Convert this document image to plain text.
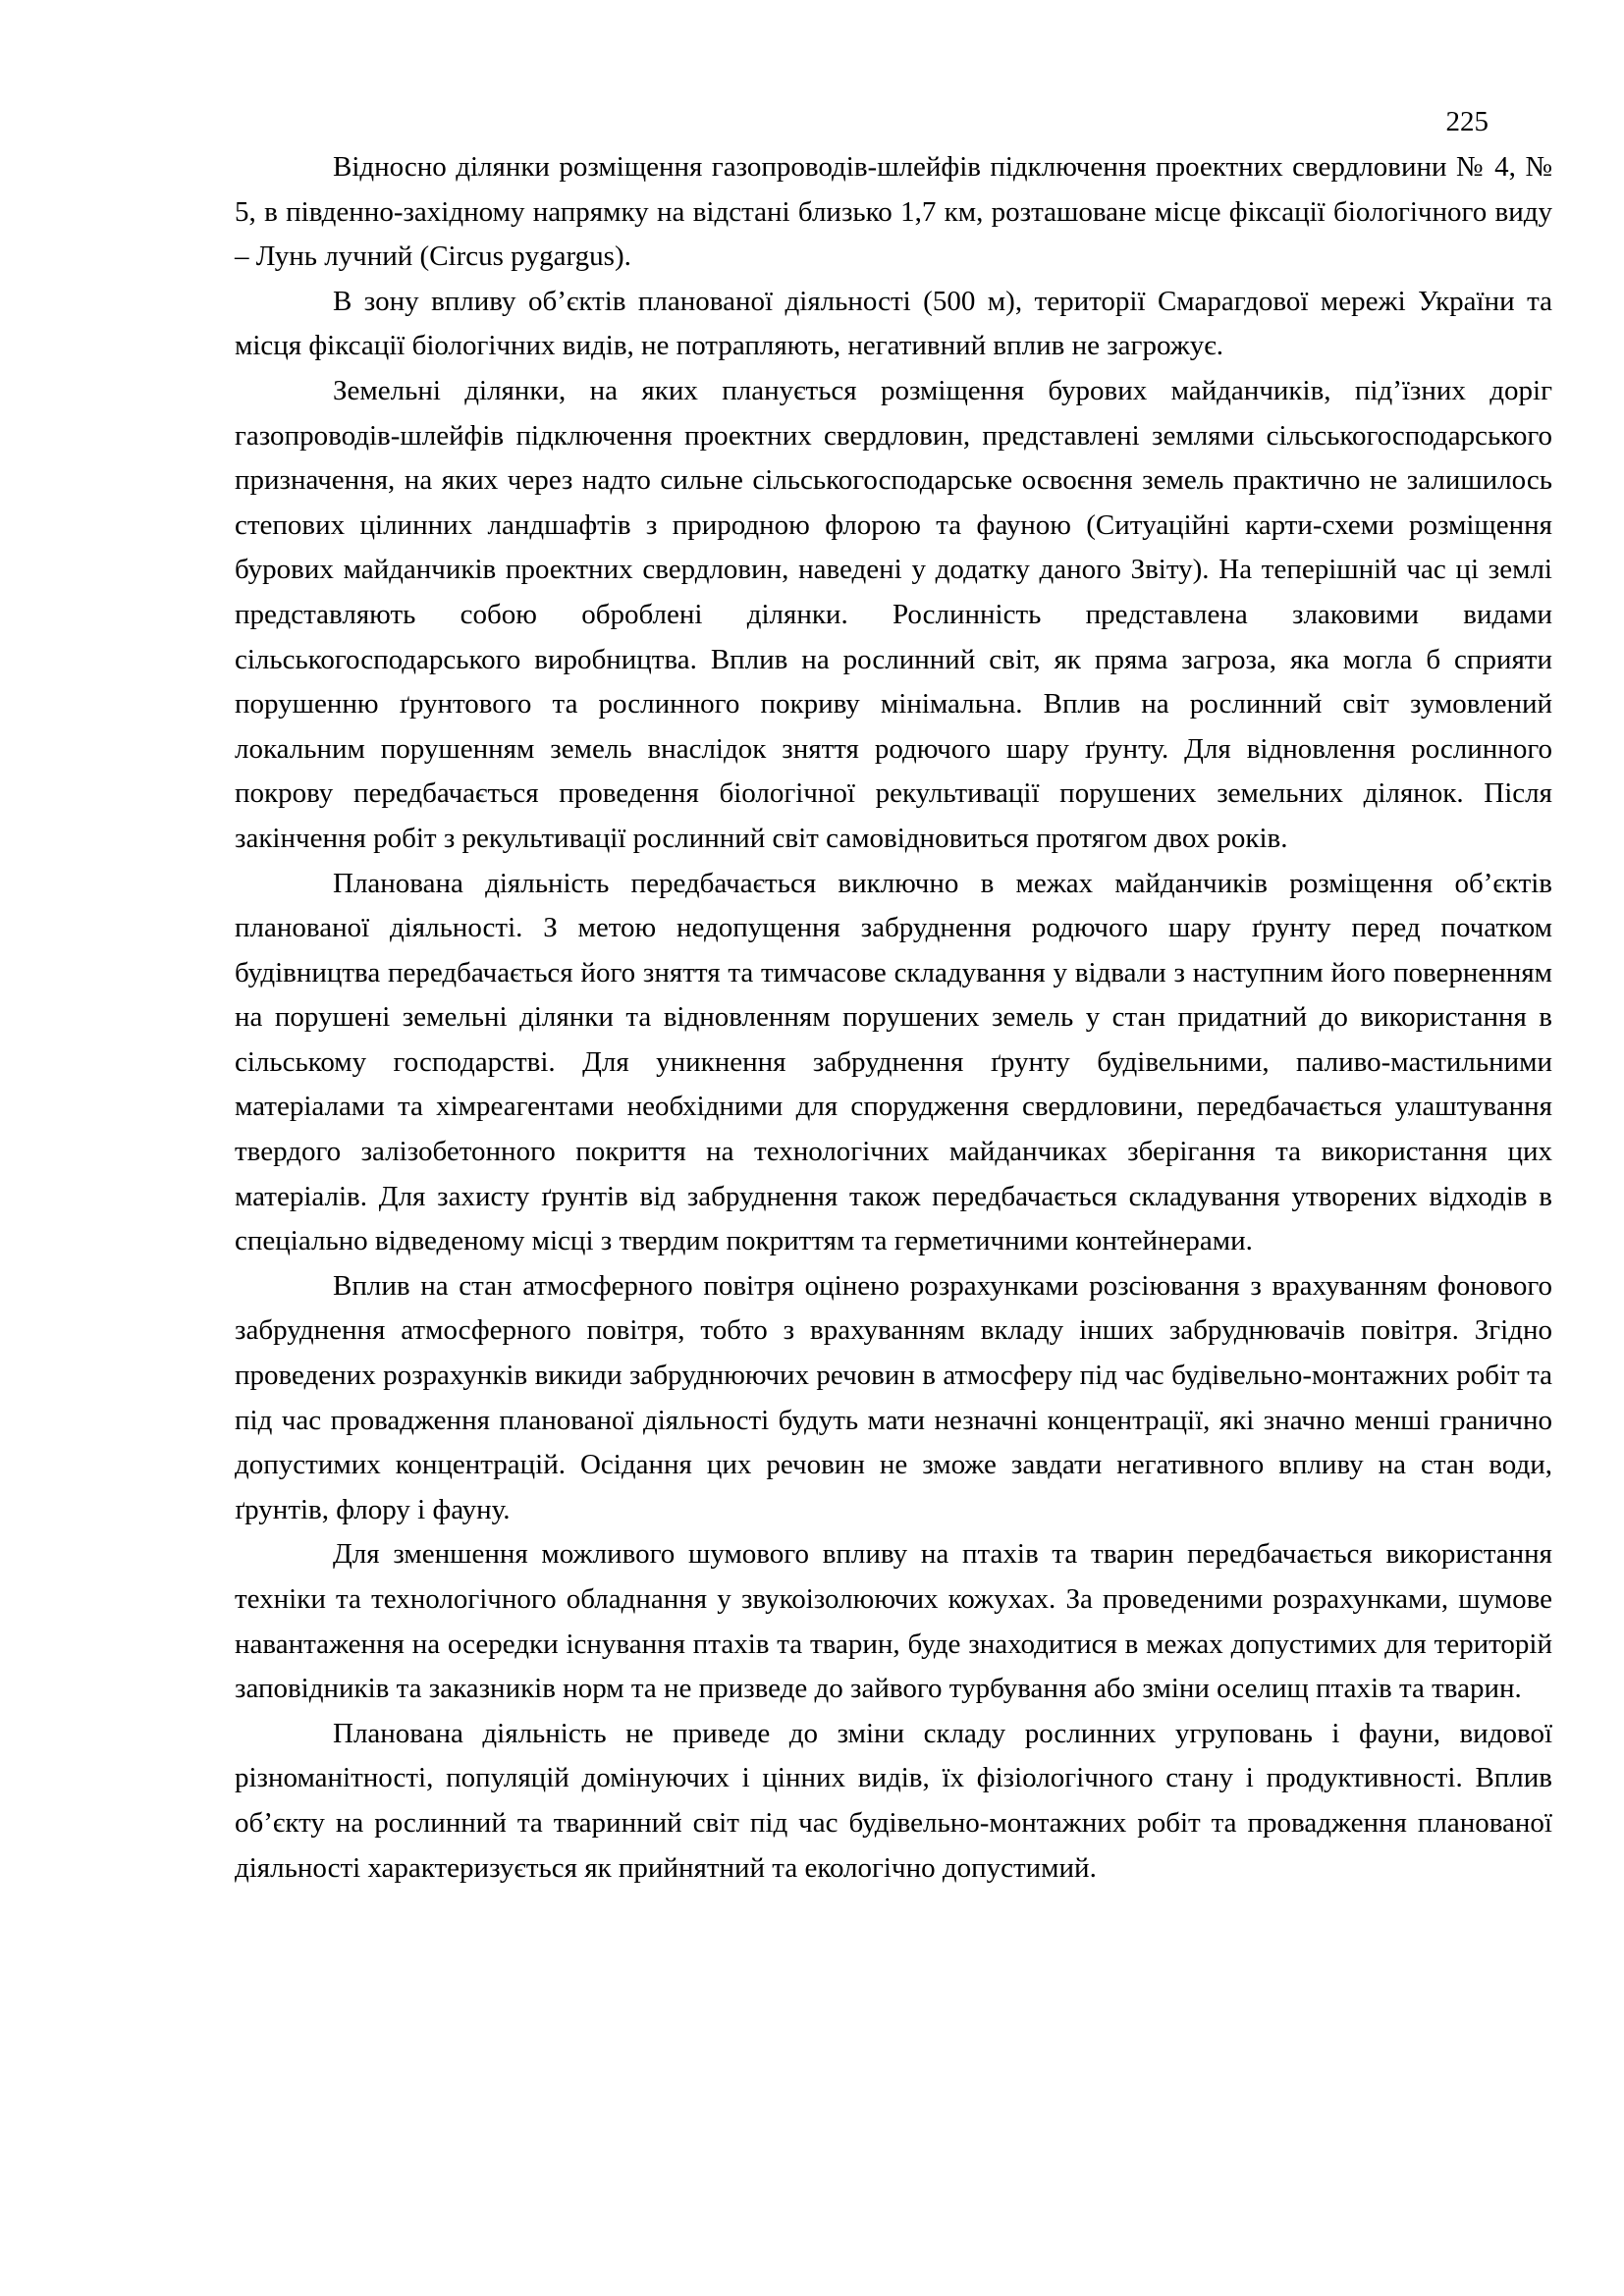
225

Відносно ділянки розміщення газопроводів-шлейфів підключення проектних свердловини № 4, № 5, в південно-західному напрямку на відстані близько 1,7 км, розташоване місце фіксації біологічного виду – Лунь лучний (Circus pygargus).

В зону впливу об’єктів планованої діяльності (500 м), території Смарагдової мережі України та місця фіксації біологічних видів, не потрапляють, негативний вплив не загрожує.

Земельні ділянки, на яких планується розміщення бурових майданчиків, під’їзних доріг газопроводів-шлейфів підключення проектних свердловин, представлені землями сільськогосподарського призначення, на яких через надто сильне сільськогосподарське освоєння земель практично не залишилось степових цілинних ландшафтів з природною флорою та фауною (Ситуаційні карти-схеми розміщення бурових майданчиків проектних свердловин, наведені у додатку даного Звіту). На теперішній час ці землі представляють собою оброблені ділянки. Рослинність представлена злаковими видами сільськогосподарського виробництва. Вплив на рослинний світ, як пряма загроза, яка могла б сприяти порушенню ґрунтового та рослинного покриву мінімальна. Вплив на рослинний світ зумовлений локальним порушенням земель внаслідок зняття родючого шару ґрунту. Для відновлення рослинного покрову передбачається проведення біологічної рекультивації порушених земельних ділянок. Після закінчення робіт з рекультивації рослинний світ самовідновиться протягом двох років.

Планована діяльність передбачається виключно в межах майданчиків розміщення об’єктів планованої діяльності. З метою недопущення забруднення родючого шару ґрунту перед початком будівництва передбачається його зняття та тимчасове складування у відвали з наступним його поверненням на порушені земельні ділянки та відновленням порушених земель у стан придатний до використання в сільському господарстві. Для уникнення забруднення ґрунту будівельними, паливо-мастильними матеріалами та хімреагентами необхідними для спорудження свердловини, передбачається улаштування твердого залізобетонного покриття на технологічних майданчиках зберігання та використання цих матеріалів. Для захисту ґрунтів від забруднення також передбачається складування утворених відходів в спеціально відведеному місці з твердим покриттям та герметичними контейнерами.

Вплив на стан атмосферного повітря оцінено розрахунками розсіювання з врахуванням фонового забруднення атмосферного повітря, тобто з врахуванням вкладу інших забруднювачів повітря. Згідно проведених розрахунків викиди забруднюючих речовин в атмосферу під час будівельно-монтажних робіт та під час провадження планованої діяльності будуть мати незначні концентрації, які значно менші гранично допустимих концентрацій. Осідання цих речовин не зможе завдати негативного впливу на стан води, ґрунтів, флору і фауну.

Для зменшення можливого шумового впливу на птахів та тварин передбачається використання техніки та технологічного обладнання у звукоізолюючих кожухах. За проведеними розрахунками, шумове навантаження на осередки існування птахів та тварин, буде знаходитися в межах допустимих для територій заповідників та заказників норм та не призведе до зайвого турбування або зміни оселищ птахів та тварин.

Планована діяльність не приведе до зміни складу рослинних угруповань і фауни, видової різноманітності, популяцій домінуючих і цінних видів, їх фізіологічного стану і продуктивності. Вплив об’єкту на рослинний та тваринний світ під час будівельно-монтажних робіт та провадження планованої діяльності характеризується як прийнятний та екологічно допустимий.
